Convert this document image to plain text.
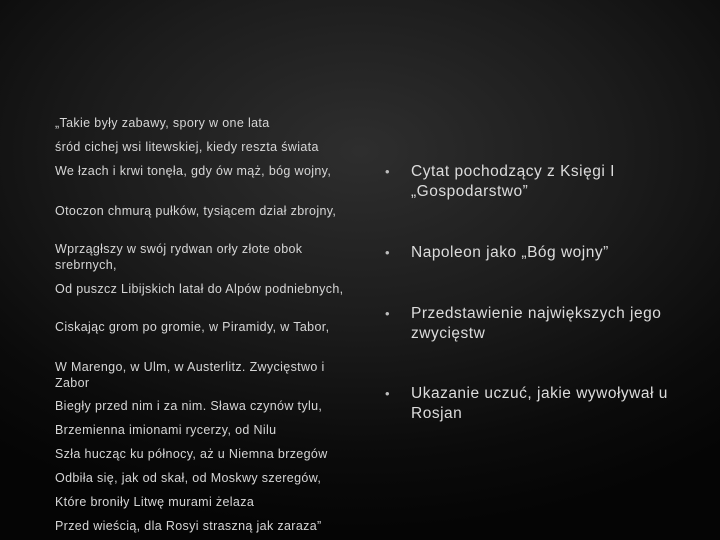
„Takie były zabawy, spory w one lata

śród cichej wsi litewskiej, kiedy reszta świata

We łzach i krwi tonęła, gdy ów mąż, bóg wojny,

Otoczon chmurą pułków, tysiącem dział zbrojny,

Wprzągłszy w swój rydwan orły złote obok srebrnych,

Od puszcz Libijskich latał do Alpów podniebnych,

Ciskając grom po gromie, w Piramidy, w Tabor,

W Marengo, w Ulm, w Austerlitz. Zwycięstwo i Zabor

Biegły przed nim i za nim. Sława czynów tylu,

Brzemienna imionami rycerzy, od Nilu

Szła hucząc ku północy, aż u Niemna brzegów

Odbiła się, jak od skał, od Moskwy szeregów,

Które broniły Litwę murami żelaza

Przed wieścią, dla Rosyi straszną jak zaraza”

•	Cytat pochodzący z Księgi I „Gospodarstwo”
•	Napoleon jako „Bóg wojny”
•	Przedstawienie największych jego zwycięstw
•	Ukazanie uczuć, jakie wywoływał u Rosjan
